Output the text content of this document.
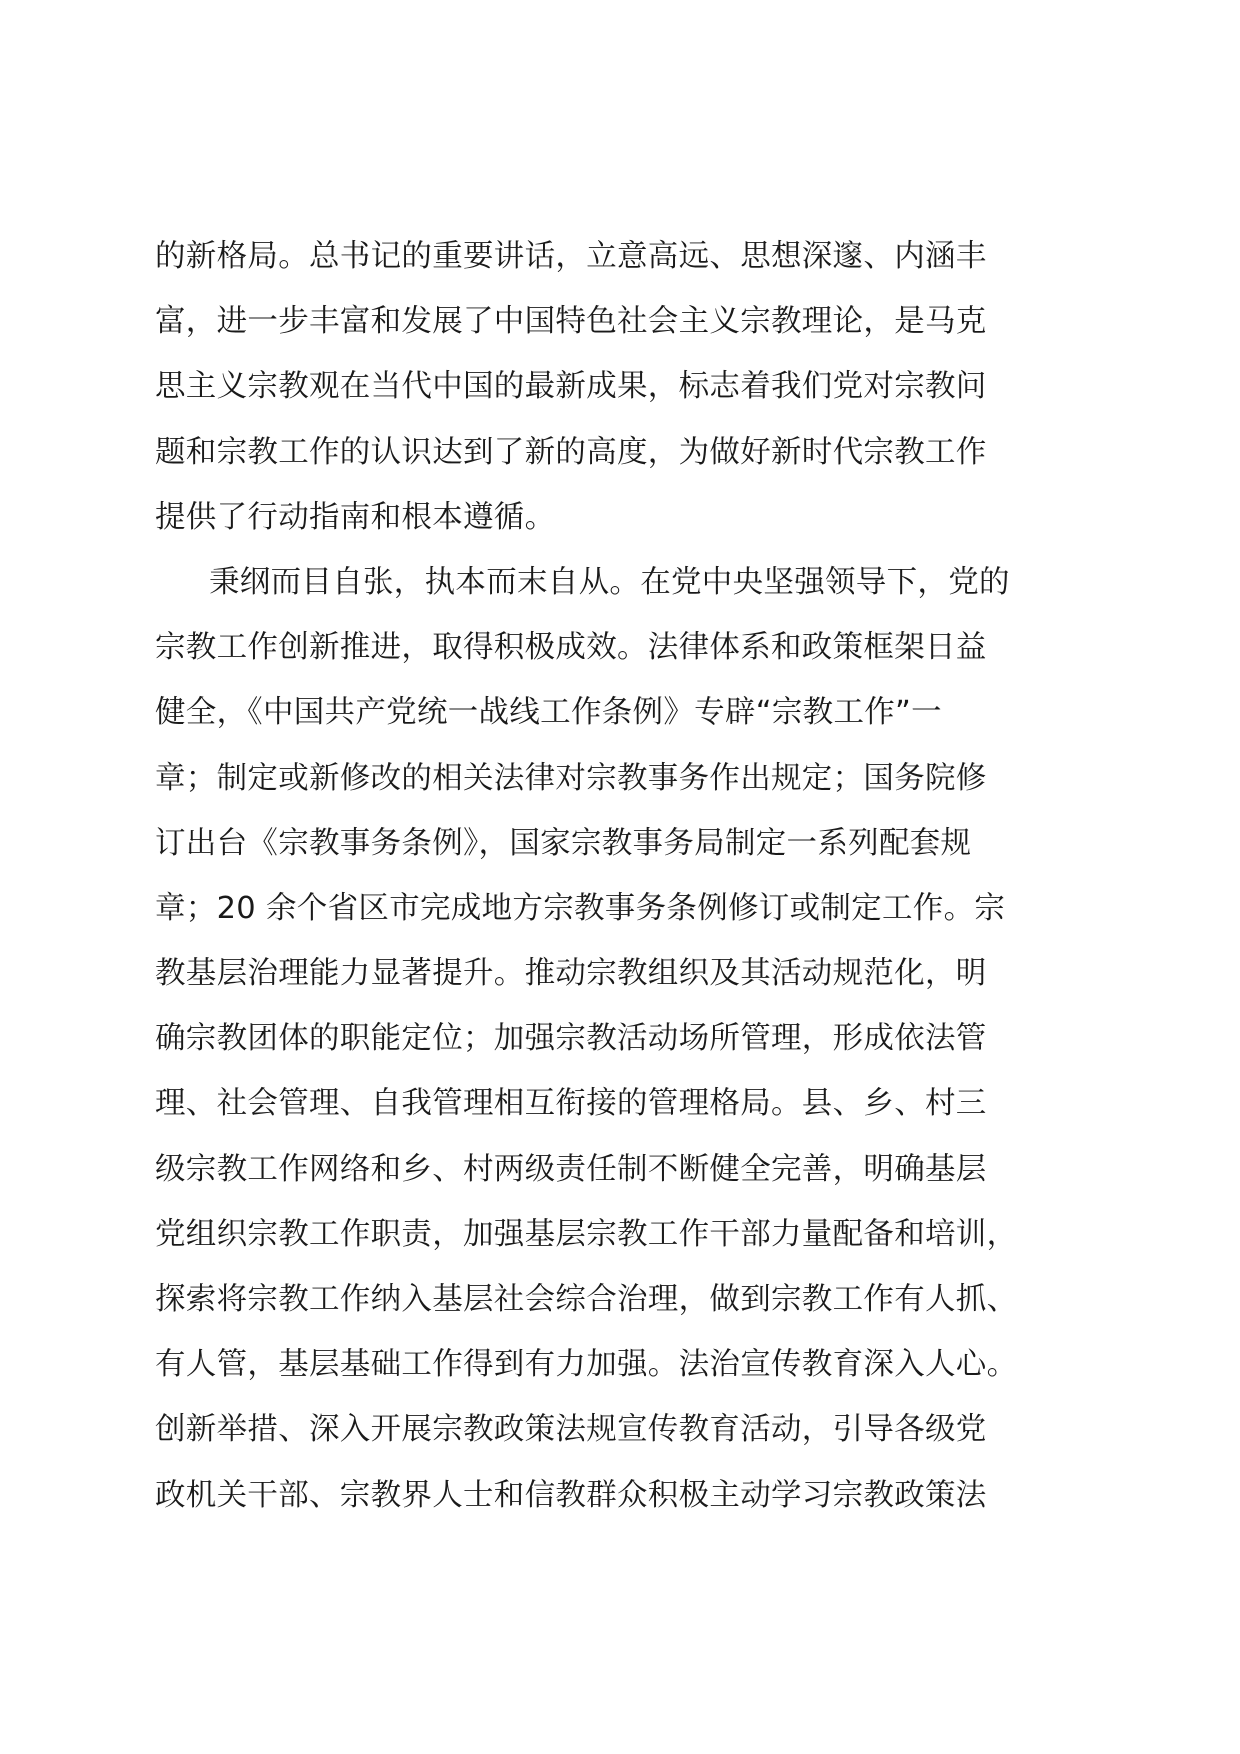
的新格局。总书记的重要讲话，立意高远、思想深邃、内涵丰
富，进一步丰富和发展了中国特色社会主义宗教理论，是马克
思主义宗教观在当代中国的最新成果，标志着我们党对宗教问
题和宗教工作的认识达到了新的高度，为做好新时代宗教工作
提供了行动指南和根本遵循。
秉纲而目自张，执本而末自从。在党中央坚强领导下，党的
宗教工作创新推进，取得积极成效。法律体系和政策框架日益
健全，《中国共产党统一战线工作条例》专辟“宗教工作”一
章；制定或新修改的相关法律对宗教事务作出规定；国务院修
订出台《宗教事务条例》，国家宗教事务局制定一系列配套规
章；20 余个省区市完成地方宗教事务条例修订或制定工作。宗
教基层治理能力显著提升。推动宗教组织及其活动规范化，明
确宗教团体的职能定位；加强宗教活动场所管理，形成依法管
理、社会管理、自我管理相互衔接的管理格局。县、乡、村三
级宗教工作网络和乡、村两级责任制不断健全完善，明确基层
党组织宗教工作职责，加强基层宗教工作干部力量配备和培训，
探索将宗教工作纳入基层社会综合治理，做到宗教工作有人抓、
有人管，基层基础工作得到有力加强。法治宣传教育深入人心。
创新举措、深入开展宗教政策法规宣传教育活动，引导各级党
政机关干部、宗教界人士和信教群众积极主动学习宗教政策法
